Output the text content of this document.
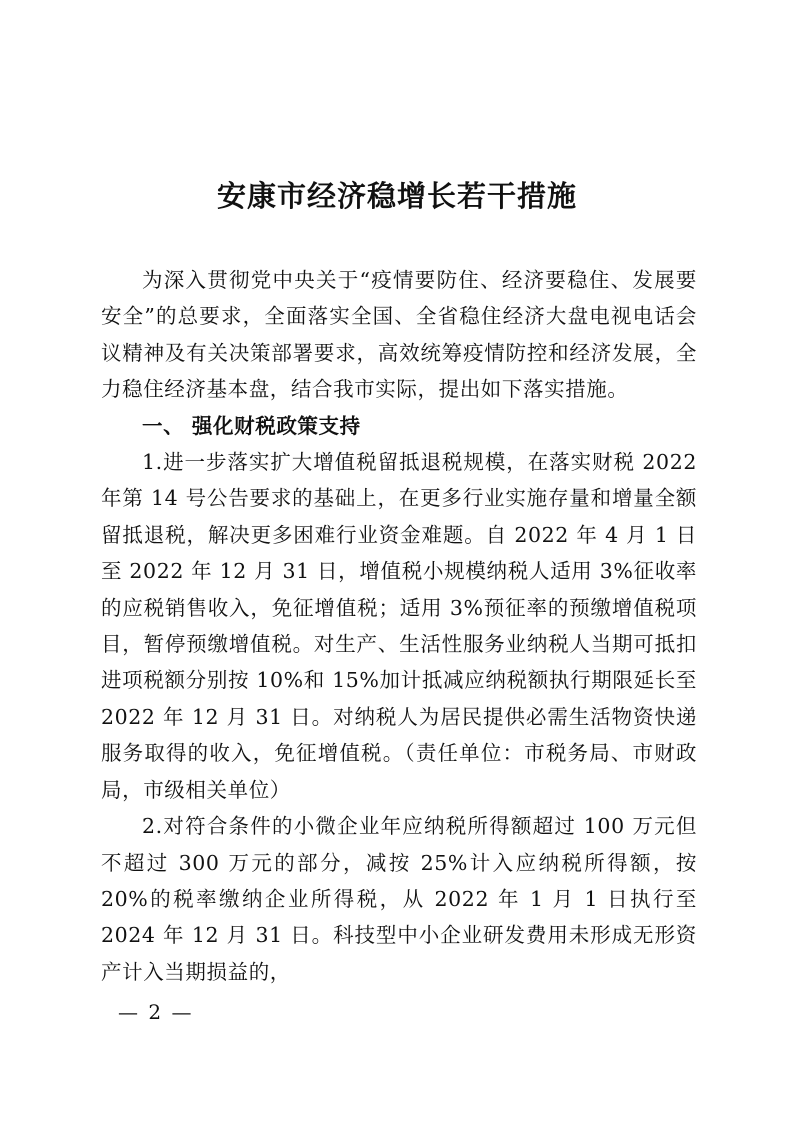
安康市经济稳增长若干措施

为深入贯彻党中央关于“疫情要防住、经济要稳住、发展要安全”的总要求，全面落实全国、全省稳住经济大盘电视电话会议精神及有关决策部署要求，高效统筹疫情防控和经济发展，全力稳住经济基本盘，结合我市实际，提出如下落实措施。

一、 强化财税政策支持

1.进一步落实扩大增值税留抵退税规模，在落实财税 2022 年第 14 号公告要求的基础上，在更多行业实施存量和增量全额留抵退税，解决更多困难行业资金难题。自 2022 年 4 月 1 日至 2022 年 12 月 31 日，增值税小规模纳税人适用 3%征收率的应税销售收入，免征增值税；适用 3%预征率的预缴增值税项目，暂停预缴增值税。对生产、生活性服务业纳税人当期可抵扣进项税额分别按 10%和 15%加计抵减应纳税额执行期限延长至 2022 年 12 月 31 日。对纳税人为居民提供必需生活物资快递服务取得的收入，免征增值税。（责任单位：市税务局、市财政局，市级相关单位）

2.对符合条件的小微企业年应纳税所得额超过 100 万元但不超过 300 万元的部分，减按 25%计入应纳税所得额，按 20%的税率缴纳企业所得税，从 2022 年 1 月 1 日执行至 2024 年 12 月 31 日。科技型中小企业研发费用未形成无形资产计入当期损益的，

— 2 —
